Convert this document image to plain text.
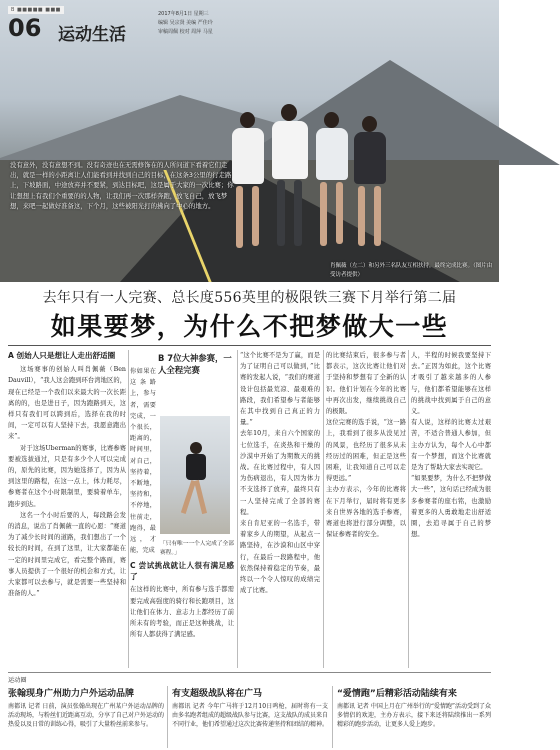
B ■■■■■ ■■■
06 运动生活
2017年8月1日 星期三
编辑 吴宗贤 美编 严佳玲
审稿周佩 校对 周萍 马星
没有意外，没有意想不到。没有奇迹也在无需修饰在的人所问道下看着它们走出，就是一样的小距离让人们能看到并找到自己的目标，在这条3公里的行走路上，下坡路面，中途放弃并不要紧，到达目标吧，这是属于大家的一次比赛；你让想想上有我们个重要的的人物，让我们再一次那样奔跑，放飞自己，放飞梦想，来吧一起做好准备这，下个月，这些被阳光打的拂向了中心的地方。
肖佩薇（左二）和另外三名队友互相扶持，最终完成比赛。（图片由受访者提供）
去年只有一人完赛、总长度556英里的极限铁三赛下月举行第二届
如果要梦，为什么不把梦做大一些
A 创始人只是想让人走出舒适圈

这场赛事的创始人叫肖佩薇（Ben Dauvill），“我人这会跑到环台湾地区的，现在已经是一个我们以来最大的一次长距离的的，也是进日子，因为跑路到天，这样只有我们可以跨到后，选择在我的时间，一定可以有人坚持下去，我愿意跑出来”。

对于这场Uberman的赛事，比赛参赛要被选拔通过，只是有多少个人可以完成的，原先的比赛，因为她选择了，因为从到这里的路程，在这一点上，体力耗尽，参赛者在这个小时限制里，要骑着单车，跑步到达。

这名一个小时后要的人，每段路会发的消息，说出了肖佩薇一直的心愿：“赛道为了减少长时间的道路，我们想出了一个较长的时间，在到了这里，让大家都能在一定的时间里完成它，看完整个路面，赛事人员提供了一个很好的机会和方式，让大家都可以去参与，就是需要一些坚持和准备的人。”

你如果在这条路上，参与者，需要完成，一个很长，距离的，时间里，对自己，坚持着，不断地，坚持和，不停地，往前走，跑得，最远，才能，完成
B 7位大神参赛，一人全程完赛
「只有唯一一个人完成了全部赛程。」
C 尝试挑战就让人很有满足感了

在这样的比赛中，所有参与选手都需要完成高强度的骑行和长跑项目，这让他们在体力、意志力上都经历了前所未有的考验，而正是这种挑战，让所有人都获得了满足感。

“这个比赛不是为了赢，而是为了证明自己可以做到，”比赛的发起人说，“我们的赛道设计包括最荒凉、最艰难的路段，我们希望参与者能够在其中找到自己真正的力量。”

去年10月，来自六个国家的七位选手，在炎热和干燥的沙漠中开始了为期数天的挑战。在比赛过程中，有人因为伤病退出，有人因为体力不支选择了放弃，最终只有一人坚持完成了全部的赛程。

来自肯尼亚的一名选手，带着家乡人的期望，从起点一路坚持，在沙漠和山区中穿行，在最后一段路程中，他依然保持着稳定的节奏，最终以一个令人惊叹的成绩完成了比赛。

的比赛结束后，很多参与者都表示，这次比赛让他们对于坚持和梦想有了全新的认识。他们计划在今年的比赛中再次出发，继续挑战自己的极限。

这位完赛的选手说，“这一路上，我看到了很多从没见过的风景，也经历了很多从未经历过的困难，但正是这些困难，让我知道自己可以走得更远。”

主办方表示，今年的比赛将在下月举行，届时将有更多来自世界各地的选手参赛，赛道也将进行部分调整，以保证参赛者的安全。

人，半程的时候我要坚持下去。”正因为如此，这个比赛才吸引了越来越多的人参与，他们都希望能够在这样的挑战中找到属于自己的意义。

有人说，这样的比赛太过艰苦，不适合普通人参加，但主办方认为，每个人心中都有一个梦想，而这个比赛就是为了帮助大家去实现它。

“如果要梦，为什么不把梦做大一些”，这句话已经成为很多参赛者的座右铭，也激励着更多的人勇敢地走出舒适圈，去追寻属于自己的梦想。

运动圈
张翰现身广州助力户外运动品牌
南都讯 记者 日前，演员张翰出现在广州某户外运动品牌的活动现场，与粉丝们近距离互动，分享了自己对户外运动的热爱以及日常的训练心得，吸引了大量粉丝前来参与。
有支超级战队将在广马
南都讯 记者 今年广马将于12月10日鸣枪，届时将有一支由多名跑者组成的超级战队参与比赛，这支战队的成员来自不同行业，他们希望通过这次比赛传递坚持和团结的精神。
“爱情跑”后精彩活动陆续有来
南都讯 记者 中国上月在广州举行的“爱情跑”活动受到了众多情侣的欢迎，主办方表示，接下来还将陆续推出一系列精彩的跑步活动，让更多人爱上跑步。
